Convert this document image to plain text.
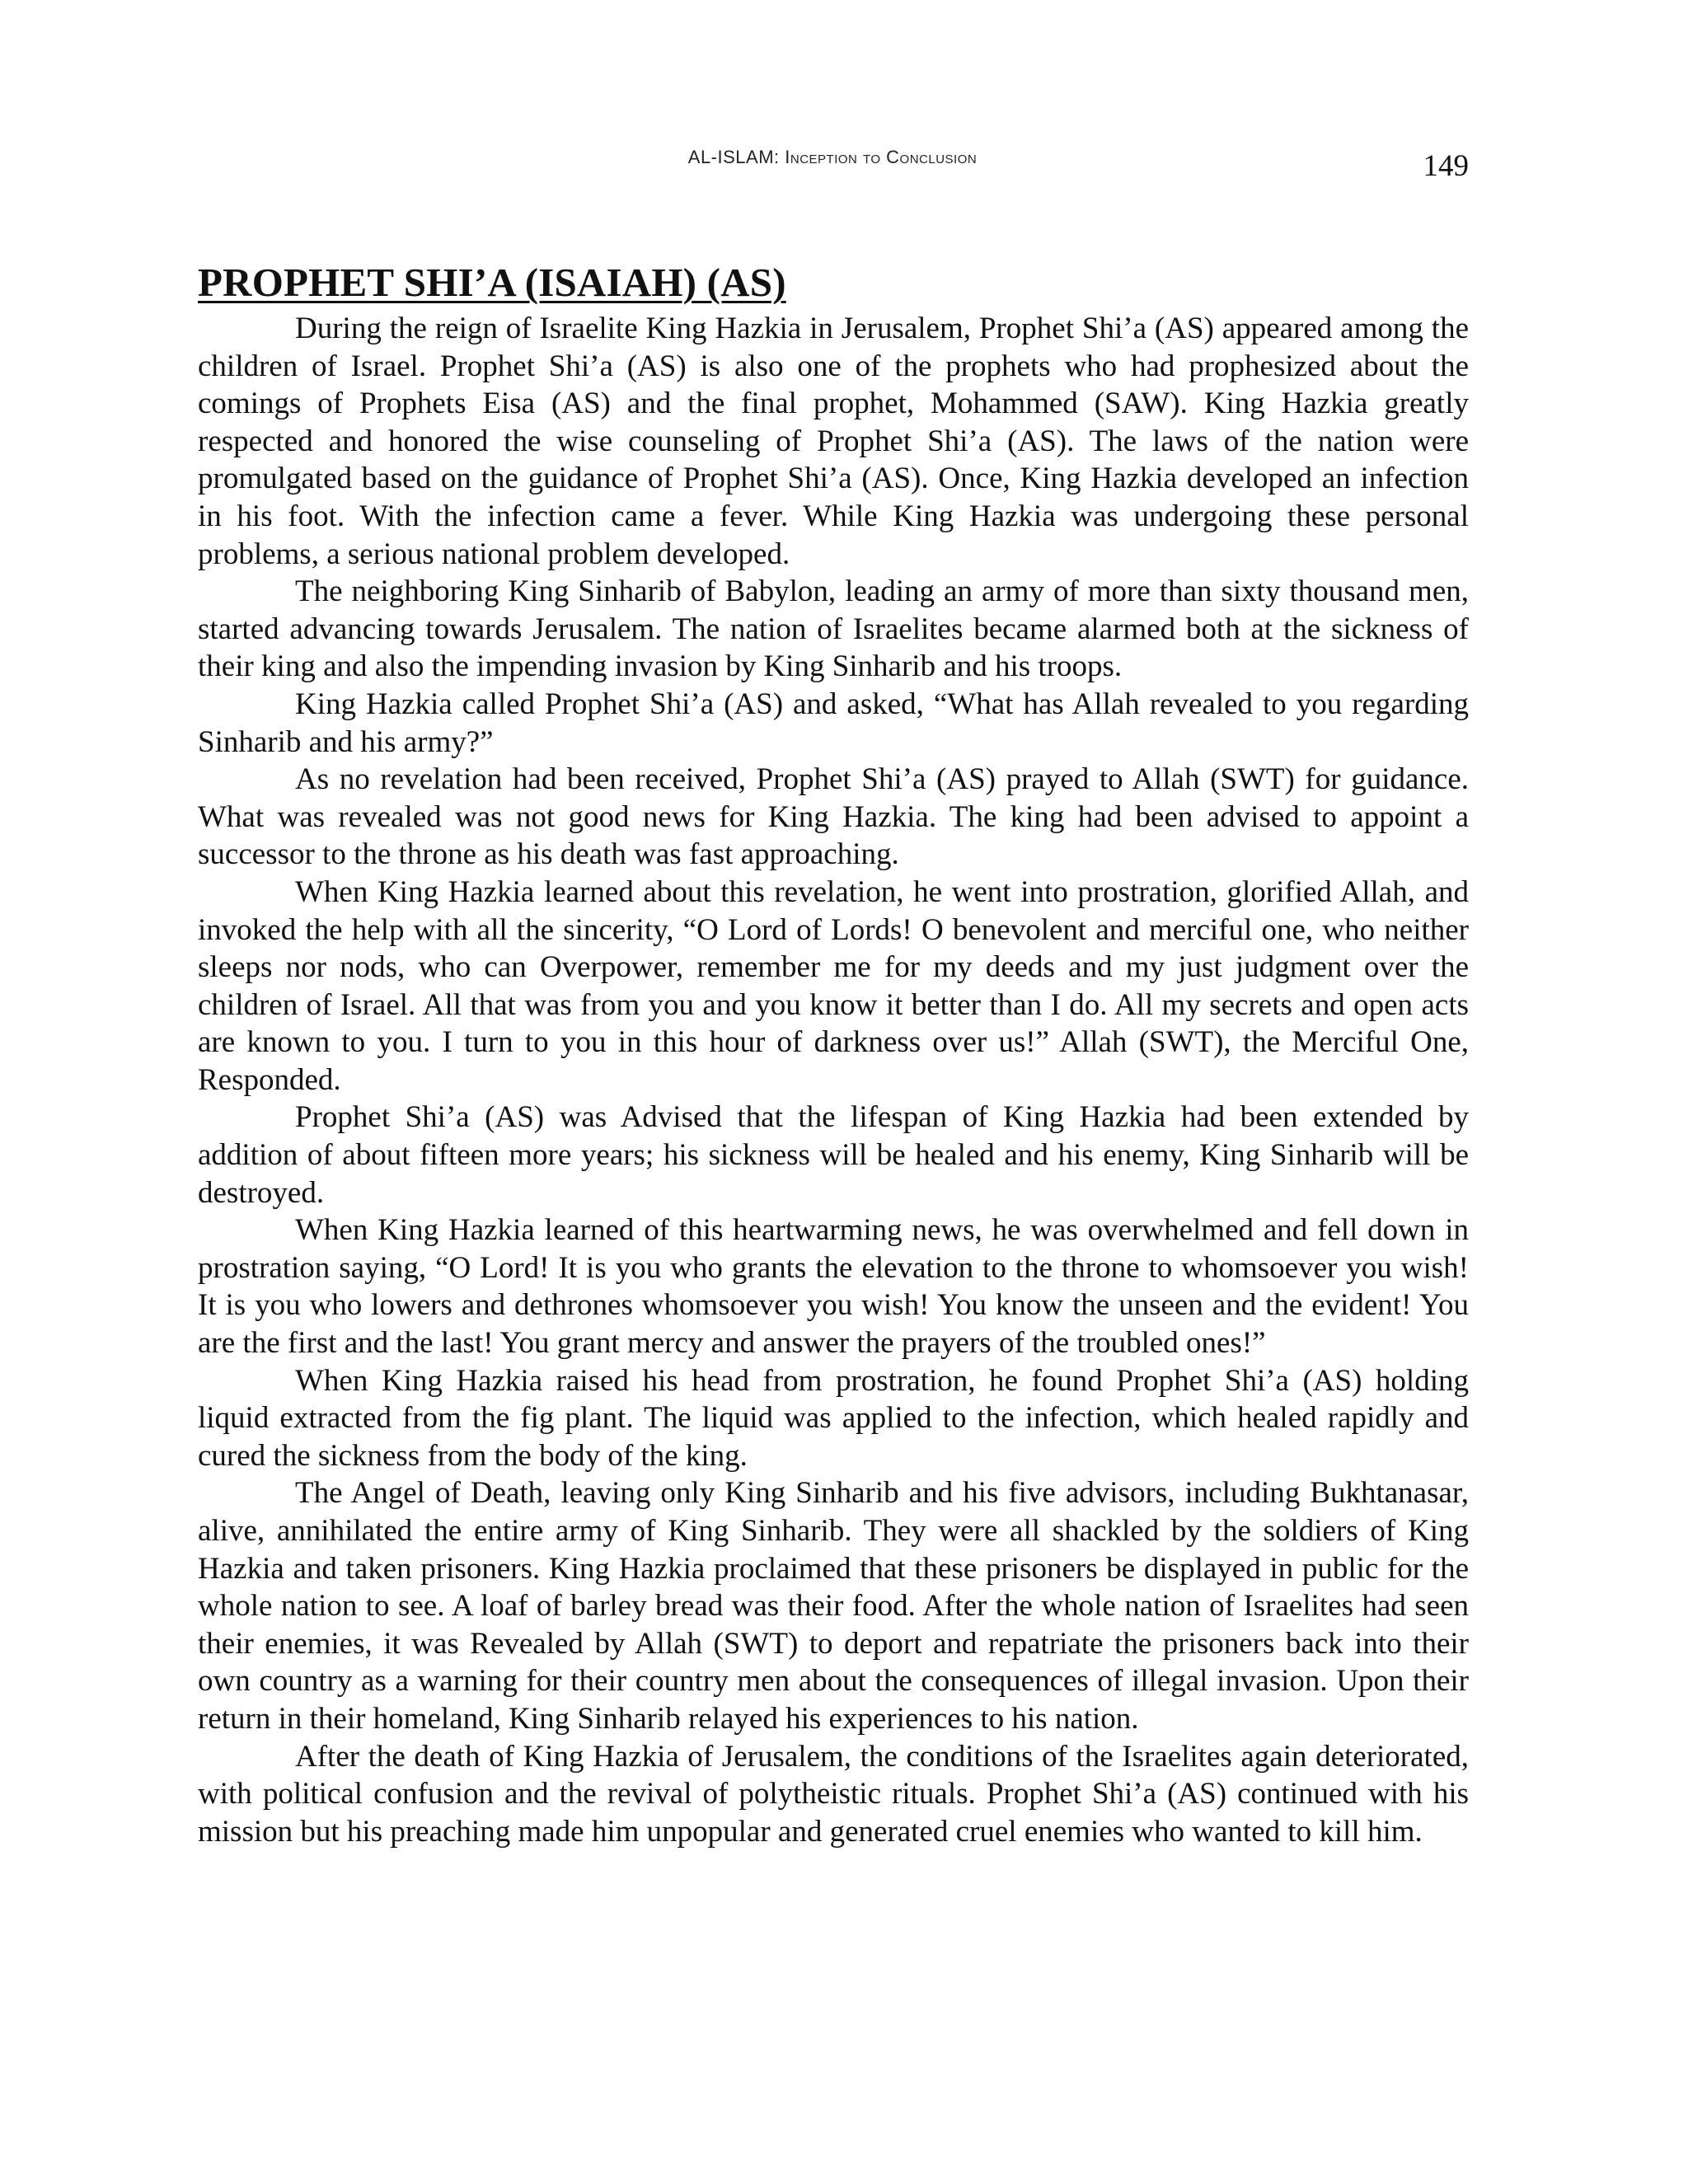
AL-ISLAM: Inception to Conclusion	149
PROPHET SHI’A (ISAIAH) (AS)

During the reign of Israelite King Hazkia in Jerusalem, Prophet Shi’a (AS) appeared among the children of Israel. Prophet Shi’a (AS) is also one of the prophets who had prophesized about the comings of Prophets Eisa (AS) and the final prophet, Mohammed (SAW). King Hazkia greatly respected and honored the wise counseling of Prophet Shi’a (AS). The laws of the nation were promulgated based on the guidance of Prophet Shi’a (AS). Once, King Hazkia developed an infection in his foot. With the infection came a fever. While King Hazkia was undergoing these personal problems, a serious national problem developed.

The neighboring King Sinharib of Babylon, leading an army of more than sixty thousand men, started advancing towards Jerusalem. The nation of Israelites became alarmed both at the sickness of their king and also the impending invasion by King Sinharib and his troops.

King Hazkia called Prophet Shi’a (AS) and asked, “What has Allah revealed to you regarding Sinharib and his army?”

As no revelation had been received, Prophet Shi’a (AS) prayed to Allah (SWT) for guidance. What was revealed was not good news for King Hazkia. The king had been advised to appoint a successor to the throne as his death was fast approaching.

When King Hazkia learned about this revelation, he went into prostration, glorified Allah, and invoked the help with all the sincerity, “O Lord of Lords! O benevolent and merciful one, who neither sleeps nor nods, who can Overpower, remember me for my deeds and my just judgment over the children of Israel. All that was from you and you know it better than I do. All my secrets and open acts are known to you. I turn to you in this hour of darkness over us!” Allah (SWT), the Merciful One, Responded.

Prophet Shi’a (AS) was Advised that the lifespan of King Hazkia had been extended by addition of about fifteen more years; his sickness will be healed and his enemy, King Sinharib will be destroyed.

When King Hazkia learned of this heartwarming news, he was overwhelmed and fell down in prostration saying, “O Lord! It is you who grants the elevation to the throne to whomsoever you wish! It is you who lowers and dethrones whomsoever you wish! You know the unseen and the evident! You are the first and the last! You grant mercy and answer the prayers of the troubled ones!”

When King Hazkia raised his head from prostration, he found Prophet Shi’a (AS) holding liquid extracted from the fig plant. The liquid was applied to the infection, which healed rapidly and cured the sickness from the body of the king.

The Angel of Death, leaving only King Sinharib and his five advisors, including Bukhtanasar, alive, annihilated the entire army of King Sinharib. They were all shackled by the soldiers of King Hazkia and taken prisoners. King Hazkia proclaimed that these prisoners be displayed in public for the whole nation to see. A loaf of barley bread was their food. After the whole nation of Israelites had seen their enemies, it was Revealed by Allah (SWT) to deport and repatriate the prisoners back into their own country as a warning for their country men about the consequences of illegal invasion. Upon their return in their homeland, King Sinharib relayed his experiences to his nation.

After the death of King Hazkia of Jerusalem, the conditions of the Israelites again deteriorated, with political confusion and the revival of polytheistic rituals. Prophet Shi’a (AS) continued with his mission but his preaching made him unpopular and generated cruel enemies who wanted to kill him.
